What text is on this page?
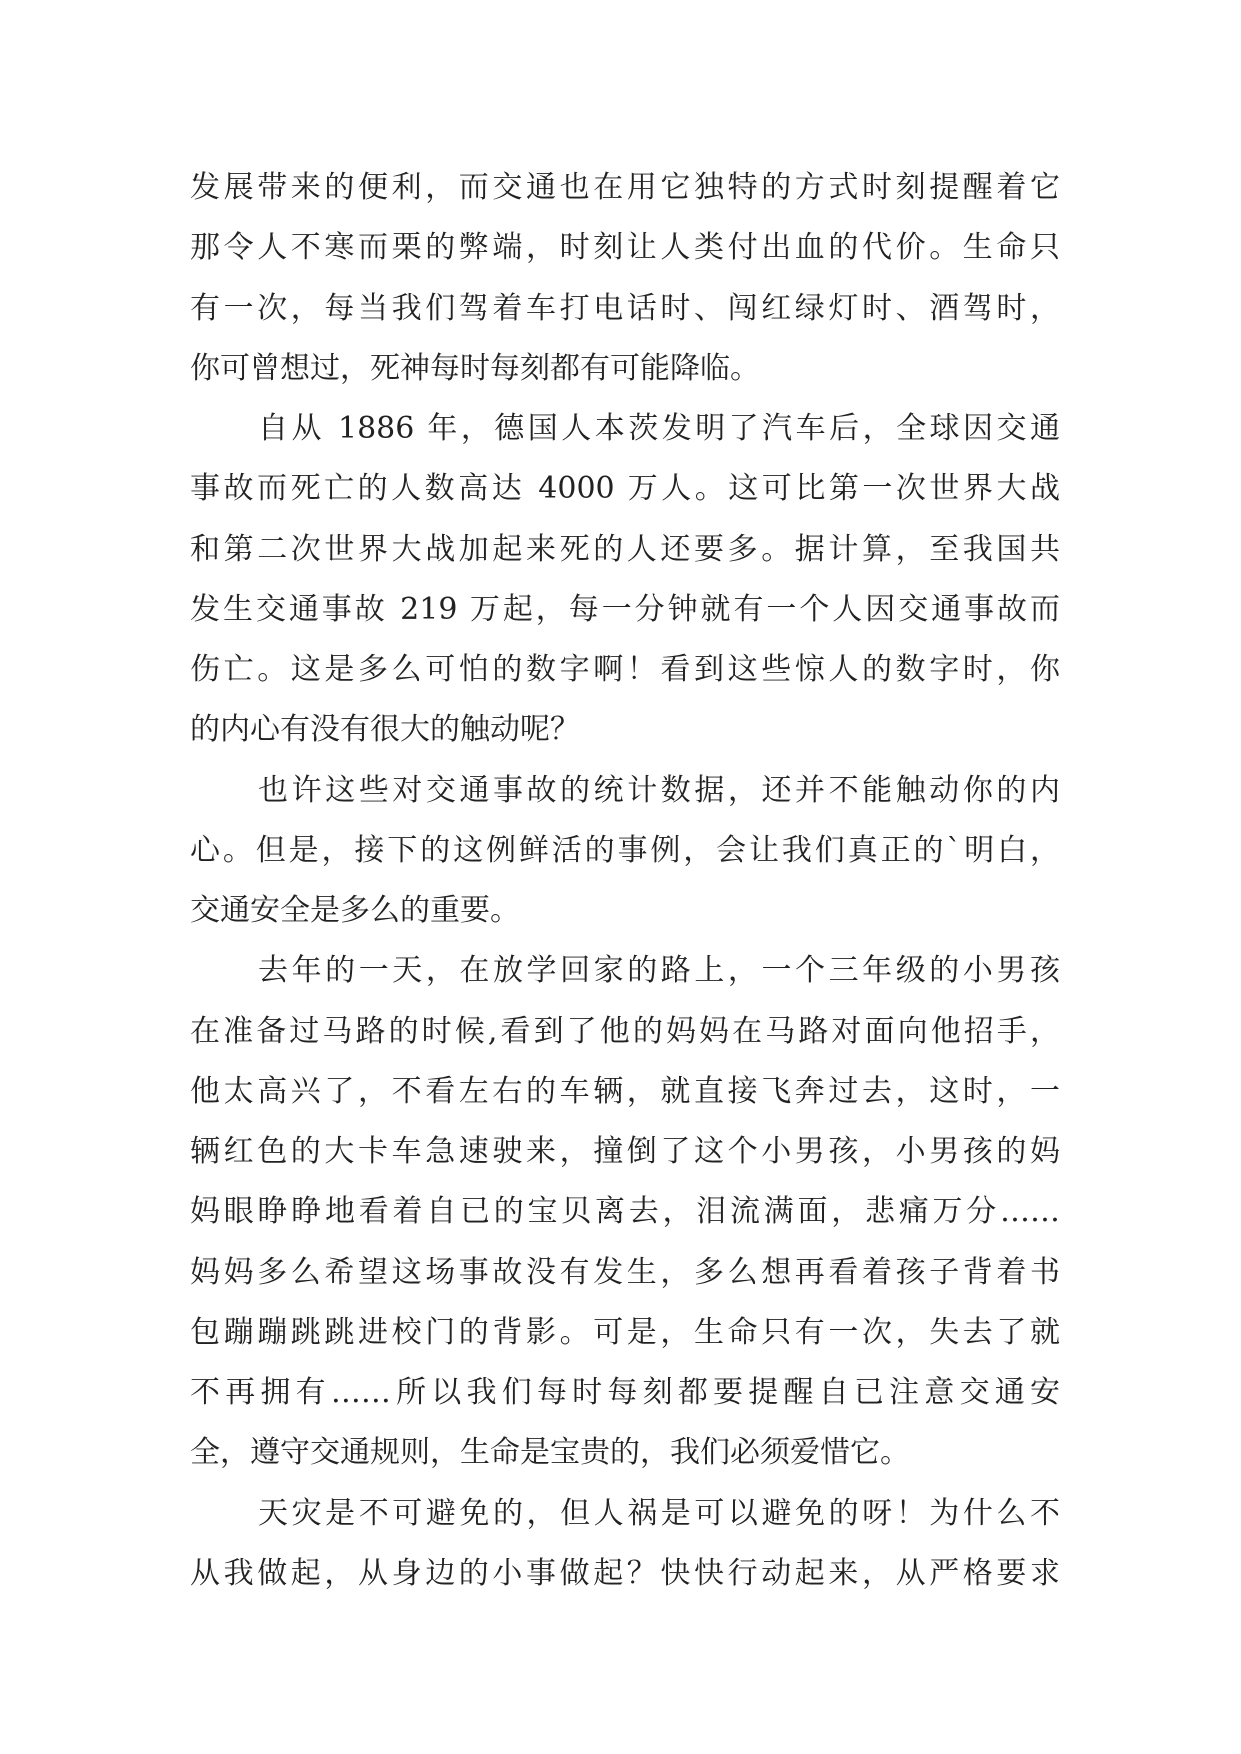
发展带来的便利，而交通也在用它独特的方式时刻提醒着它
那令人不寒而栗的弊端，时刻让人类付出血的代价。生命只
有一次，每当我们驾着车打电话时、闯红绿灯时、酒驾时，
你可曾想过，死神每时每刻都有可能降临。
自从 1886 年，德国人本茨发明了汽车后，全球因交通
事故而死亡的人数高达 4000 万人。这可比第一次世界大战
和第二次世界大战加起来死的人还要多。据计算，至我国共
发生交通事故 219 万起，每一分钟就有一个人因交通事故而
伤亡。这是多么可怕的数字啊！看到这些惊人的数字时，你
的内心有没有很大的触动呢？
也许这些对交通事故的统计数据，还并不能触动你的内
心。但是，接下的这例鲜活的事例，会让我们真正的`明白，
交通安全是多么的重要。
去年的一天，在放学回家的路上，一个三年级的小男孩
在准备过马路的时候,看到了他的妈妈在马路对面向他招手，
他太高兴了，不看左右的车辆，就直接飞奔过去，这时，一
辆红色的大卡车急速驶来，撞倒了这个小男孩，小男孩的妈
妈眼睁睁地看着自已的宝贝离去，泪流满面，悲痛万分……
妈妈多么希望这场事故没有发生，多么想再看着孩子背着书
包蹦蹦跳跳进校门的背影。可是，生命只有一次，失去了就
不再拥有……所以我们每时每刻都要提醒自已注意交通安
全，遵守交通规则，生命是宝贵的，我们必须爱惜它。
天灾是不可避免的，但人祸是可以避免的呀！为什么不
从我做起，从身边的小事做起？快快行动起来，从严格要求
